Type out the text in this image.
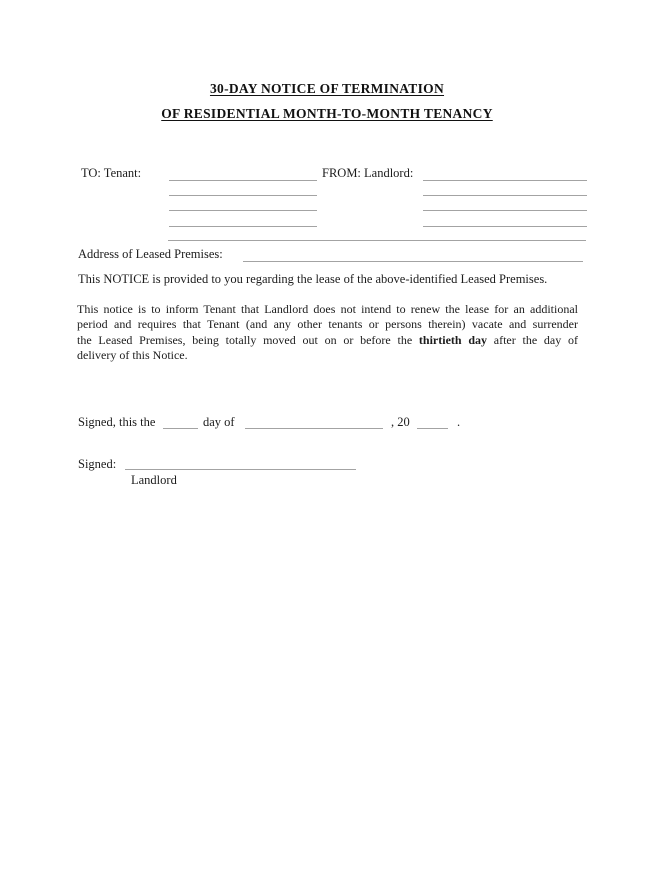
30-DAY NOTICE OF TERMINATION
OF RESIDENTIAL MONTH-TO-MONTH TENANCY
TO: Tenant:	FROM: Landlord:
Address of Leased Premises:
This NOTICE is provided to you regarding the lease of the above-identified Leased Premises.
This notice is to inform Tenant that Landlord does not intend to renew the lease for an additional
period and requires that Tenant (and any other tenants or persons therein) vacate and surrender
the Leased Premises, being totally moved out on or before the thirtieth day after the day of
delivery of this Notice.
Signed, this the	day of	, 20	.
Signed:
Landlord
